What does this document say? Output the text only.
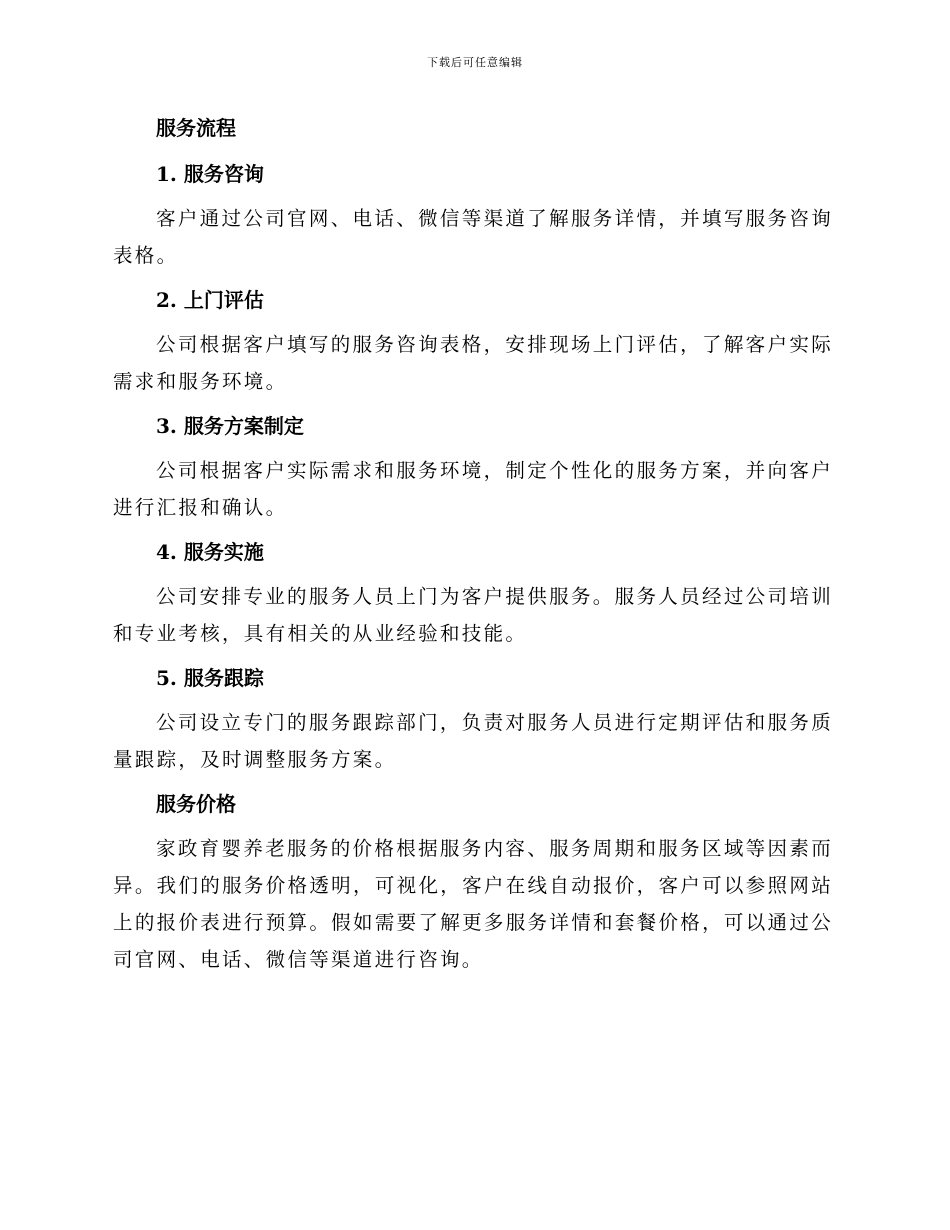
下载后可任意编辑
服务流程
1. 服务咨询

客户通过公司官网、电话、微信等渠道了解服务详情，并填写服务咨询表格。

2. 上门评估

公司根据客户填写的服务咨询表格，安排现场上门评估，了解客户实际需求和服务环境。

3. 服务方案制定

公司根据客户实际需求和服务环境，制定个性化的服务方案，并向客户进行汇报和确认。

4. 服务实施

公司安排专业的服务人员上门为客户提供服务。服务人员经过公司培训和专业考核，具有相关的从业经验和技能。

5. 服务跟踪

公司设立专门的服务跟踪部门，负责对服务人员进行定期评估和服务质量跟踪，及时调整服务方案。

服务价格

家政育婴养老服务的价格根据服务内容、服务周期和服务区域等因素而异。我们的服务价格透明，可视化，客户在线自动报价，客户可以参照网站上的报价表进行预算。假如需要了解更多服务详情和套餐价格，可以通过公司官网、电话、微信等渠道进行咨询。
